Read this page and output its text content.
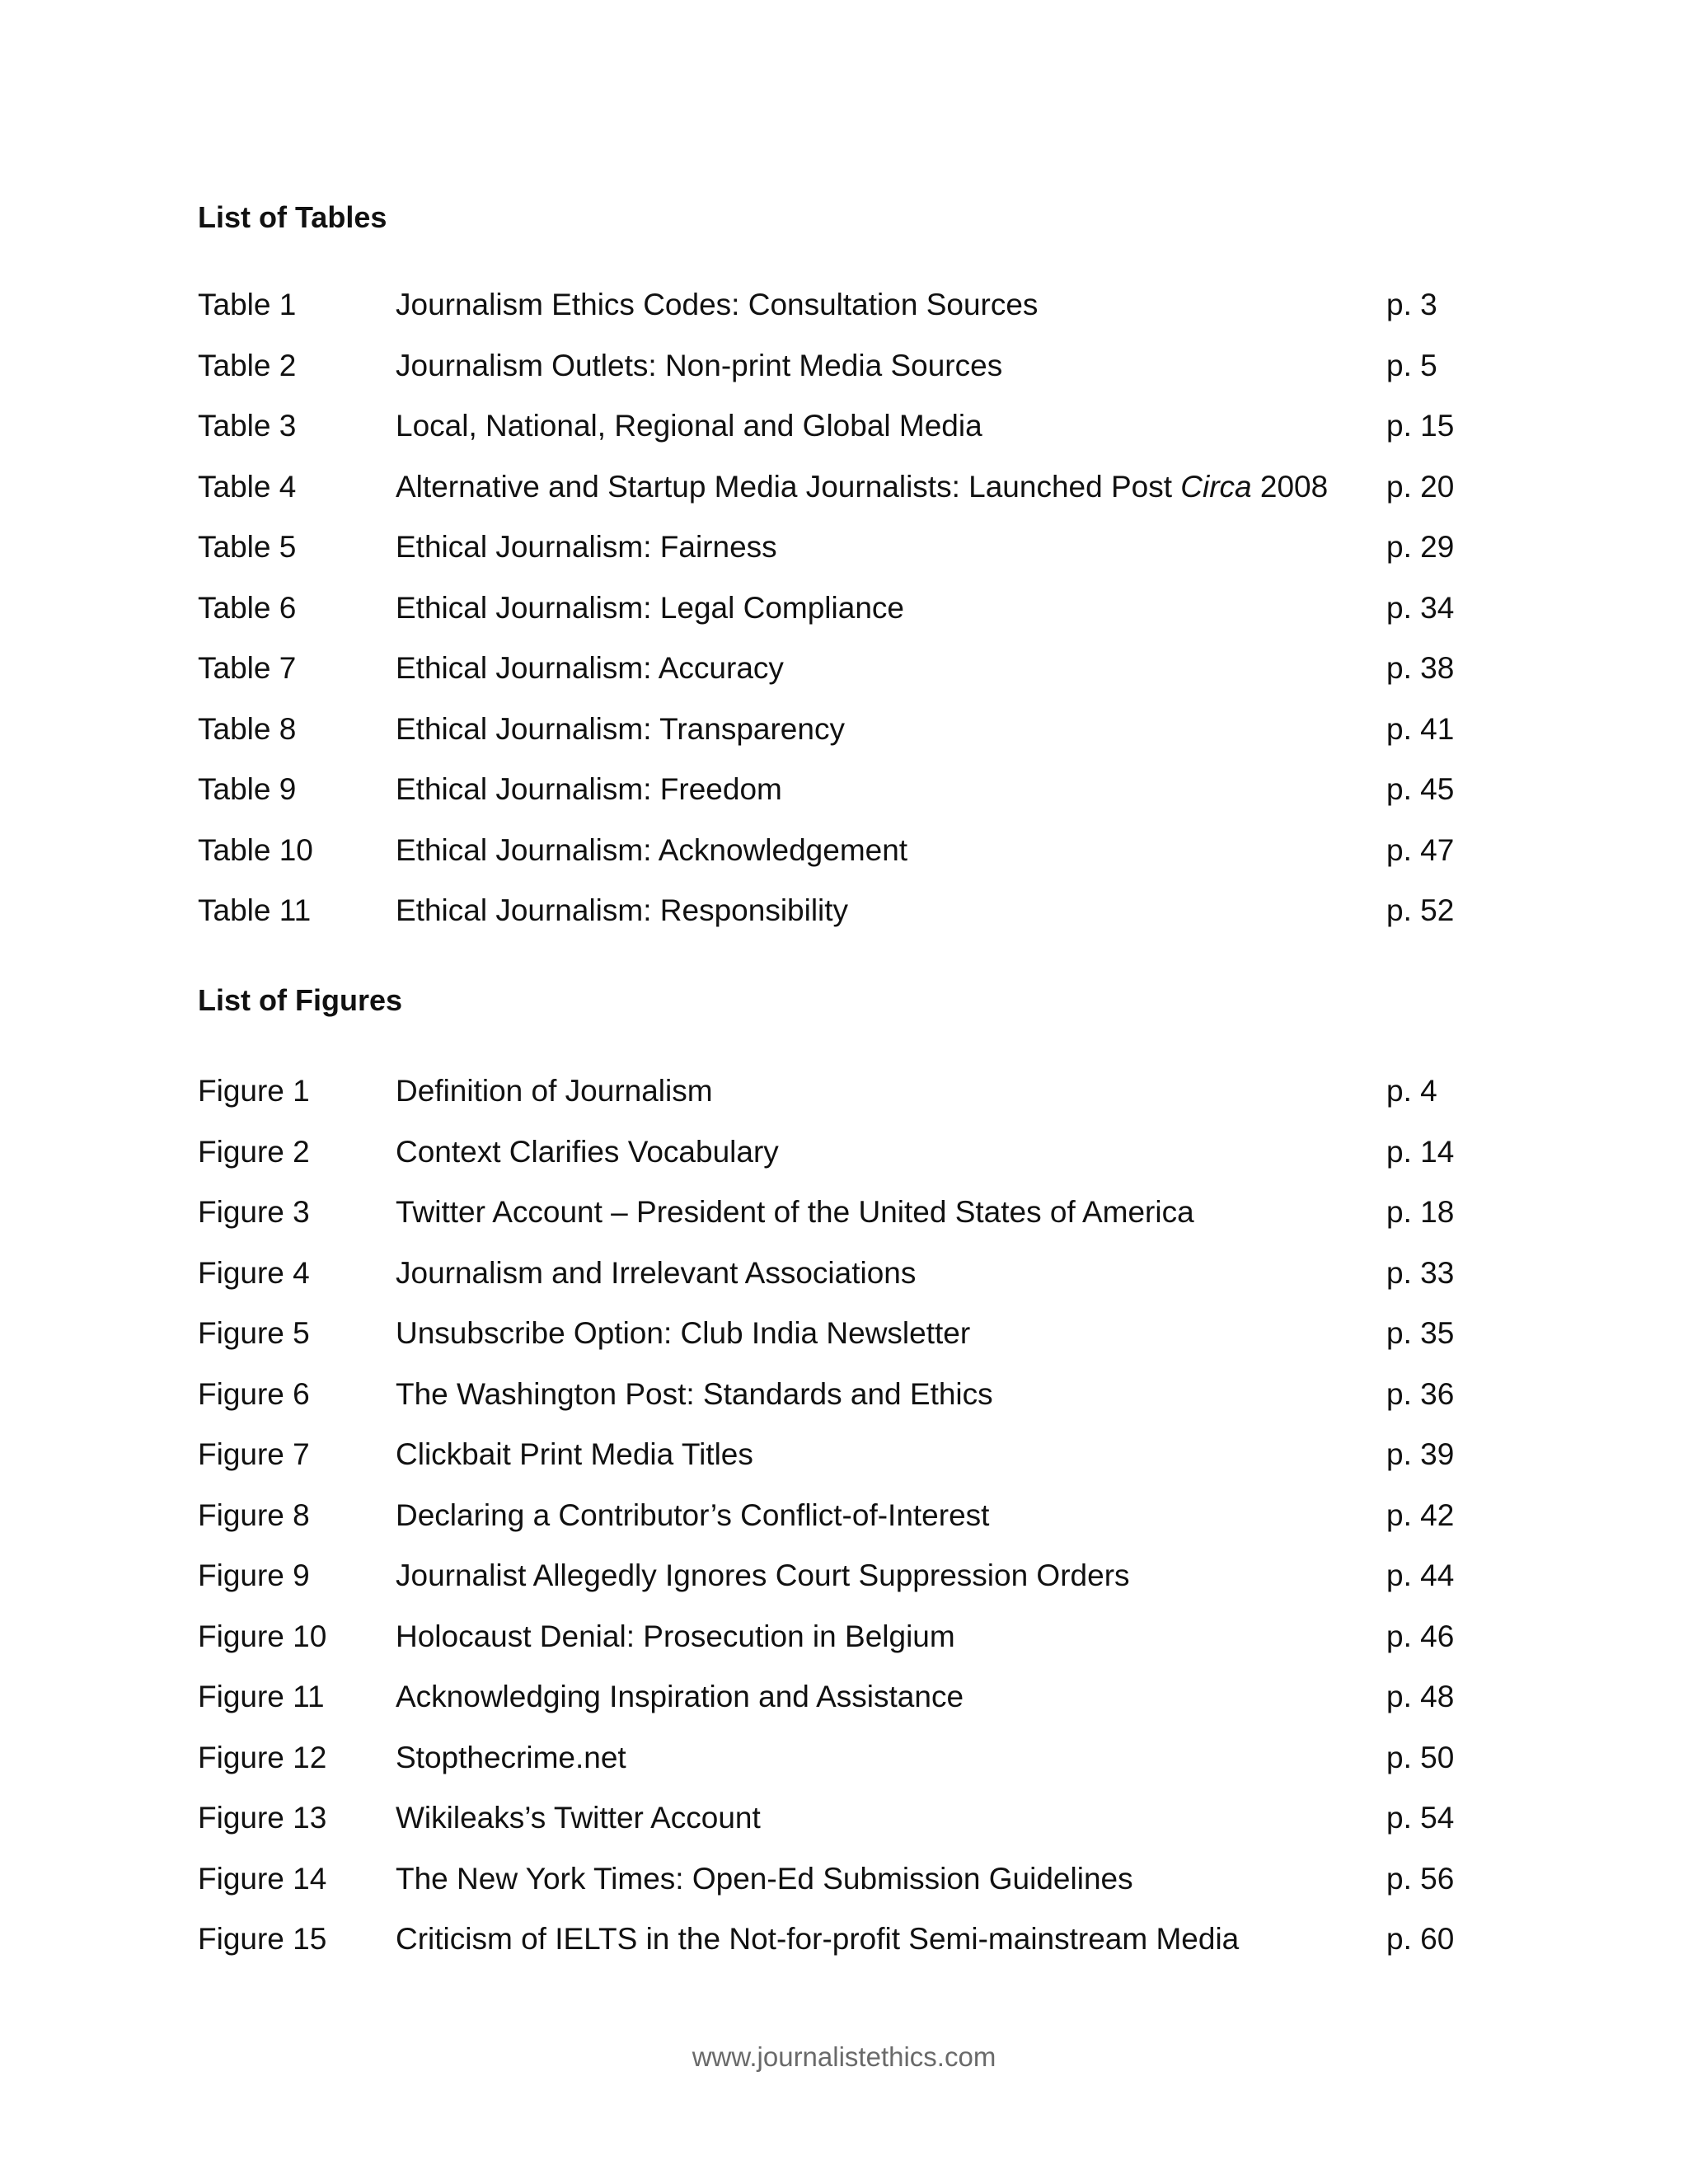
List of Tables
Table 1	Journalism Ethics Codes: Consultation Sources	p. 3
Table 2	Journalism Outlets: Non-print Media Sources	p. 5
Table 3	Local, National, Regional and Global Media	p. 15
Table 4	Alternative and Startup Media Journalists: Launched Post Circa 2008 p. 20
Table 5	Ethical Journalism: Fairness	p. 29
Table 6	Ethical Journalism: Legal Compliance	p. 34
Table 7	Ethical Journalism: Accuracy	p. 38
Table 8	Ethical Journalism: Transparency	p. 41
Table 9	Ethical Journalism: Freedom	p. 45
Table 10	Ethical Journalism: Acknowledgement	p. 47
Table 11	Ethical Journalism: Responsibility	p. 52
List of Figures
Figure 1	Definition of Journalism	p. 4
Figure 2	Context Clarifies Vocabulary	p. 14
Figure 3	Twitter Account – President of the United States of America	p. 18
Figure 4	Journalism and Irrelevant Associations	p. 33
Figure 5	Unsubscribe Option: Club India Newsletter	p. 35
Figure 6	The Washington Post: Standards and Ethics	p. 36
Figure 7	Clickbait Print Media Titles	p. 39
Figure 8	Declaring a Contributor’s Conflict-of-Interest	p. 42
Figure 9	Journalist Allegedly Ignores Court Suppression Orders	p. 44
Figure 10 Holocaust Denial: Prosecution in Belgium	p. 46
Figure 11 Acknowledging Inspiration and Assistance	p. 48
Figure 12 Stopthecrime.net	p. 50
Figure 13 Wikileaks’s Twitter Account	p. 54
Figure 14 The New York Times: Open-Ed Submission Guidelines	p. 56
Figure 15 Criticism of IELTS in the Not-for-profit Semi-mainstream Media	p. 60
www.journalistethics.com
